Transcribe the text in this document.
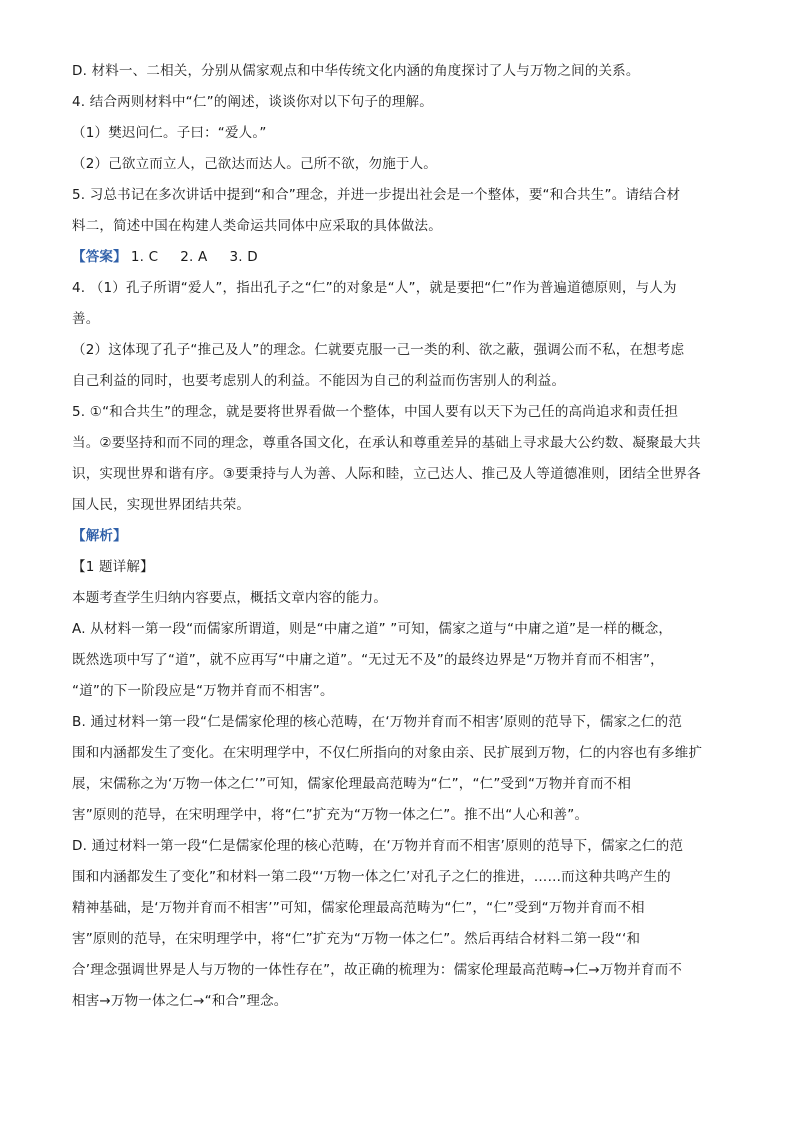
D. 材料一、二相关，分别从儒家观点和中华传统文化内涵的角度探讨了人与万物之间的关系。

4. 结合两则材料中“仁”的阐述，谈谈你对以下句子的理解。

（1）樊迟问仁。子曰：“爱人。”

（2）己欲立而立人，己欲达而达人。己所不欲，勿施于人。

5. 习总书记在多次讲话中提到“和合”理念，并进一步提出社会是一个整体，要“和合共生”。请结合材

料二，简述中国在构建人类命运共同体中应采取的具体做法。

【答案】 1. C 2. A 3. D

4. （1）孔子所谓“爱人”，指出孔子之“仁”的对象是“人”，就是要把“仁”作为普遍道德原则，与人为

善。

（2）这体现了孔子“推己及人”的理念。仁就要克服一己一类的利、欲之蔽，强调公而不私，在想考虑

自己利益的同时，也要考虑别人的利益。不能因为自己的利益而伤害别人的利益。

5. ①“和合共生”的理念，就是要将世界看做一个整体，中国人要有以天下为己任的高尚追求和责任担

当。②要坚持和而不同的理念，尊重各国文化，在承认和尊重差异的基础上寻求最大公约数、凝聚最大共

识，实现世界和谐有序。③要秉持与人为善、人际和睦，立己达人、推己及人等道德准则，团结全世界各

国人民，实现世界团结共荣。

【解析】

【1 题详解】

本题考查学生归纳内容要点，概括文章内容的能力。

A. 从材料一第一段“而儒家所谓道，则是“中庸之道” ”可知，儒家之道与“中庸之道”是一样的概念，

既然选项中写了“道”，就不应再写“中庸之道”。“无过无不及”的最终边界是“万物并育而不相害”，

“道”的下一阶段应是“万物并育而不相害”。

B. 通过材料一第一段“仁是儒家伦理的核心范畴，在‘万物并育而不相害’原则的范导下，儒家之仁的范

围和内涵都发生了变化。在宋明理学中，不仅仁所指向的对象由亲、民扩展到万物，仁的内容也有多维扩

展，宋儒称之为‘万物一体之仁’”可知，儒家伦理最高范畴为“仁”，“仁”受到“万物并育而不相

害”原则的范导，在宋明理学中，将“仁”扩充为“万物一体之仁”。推不出“人心和善”。

D. 通过材料一第一段“仁是儒家伦理的核心范畴，在‘万物并育而不相害’原则的范导下，儒家之仁的范

围和内涵都发生了变化”和材料一第二段“‘万物一体之仁’对孔子之仁的推进，……而这种共鸣产生的

精神基础，是‘万物并育而不相害’”可知，儒家伦理最高范畴为“仁”，“仁”受到“万物并育而不相

害”原则的范导，在宋明理学中，将“仁”扩充为“万物一体之仁”。然后再结合材料二第一段“‘和

合’理念强调世界是人与万物的一体性存在”，故正确的梳理为：儒家伦理最高范畴→仁→万物并育而不

相害→万物一体之仁→“和合”理念。
